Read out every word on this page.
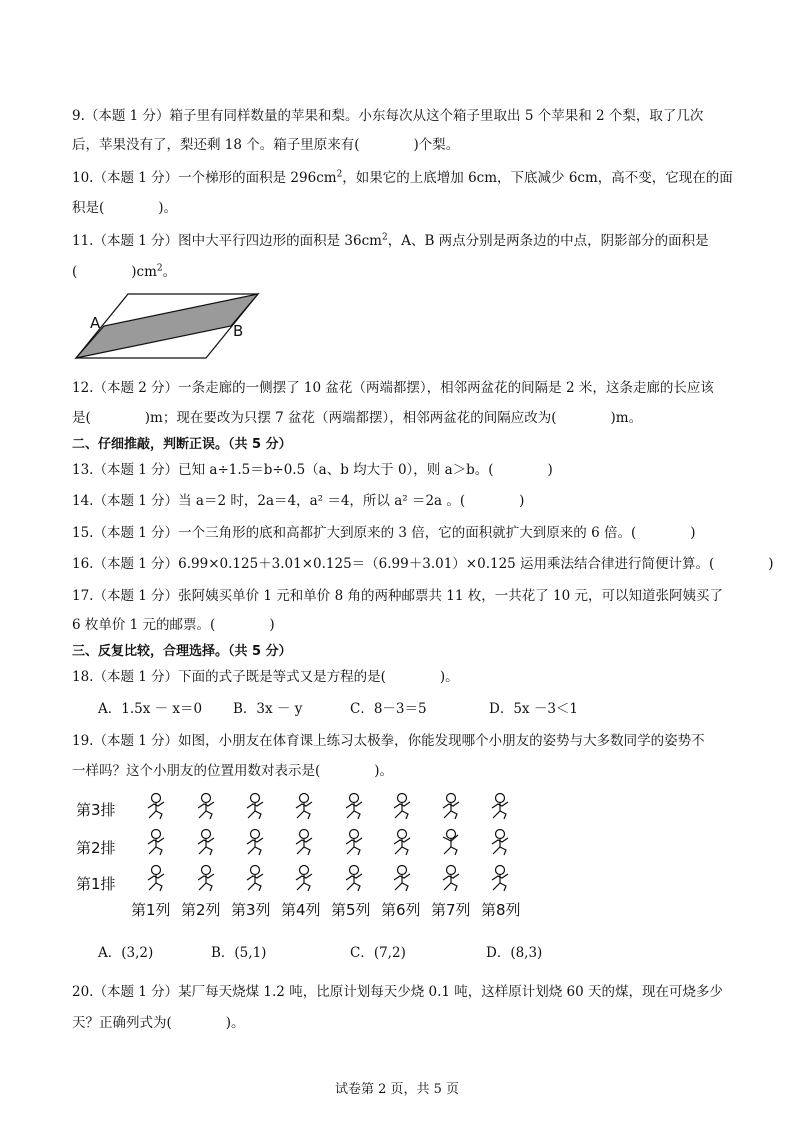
9.（本题 1 分）箱子里有同样数量的苹果和梨。小东每次从这个箱子里取出 5 个苹果和 2 个梨，取了几次
后，苹果没有了，梨还剩 18 个。箱子里原来有(　　　　)个梨。
10.（本题 1 分）一个梯形的面积是 $296cm^2$，如果它的上底增加 6cm，下底减少 6cm，高不变，它现在的面
积是(　　　　)。
11.（本题 1 分）图中大平行四边形的面积是 $36cm^2$，A、B 两点分别是两条边的中点，阴影部分的面积是
(　　　　)$cm^2$。
A	B
12.（本题 2 分）一条走廊的一侧摆了 10 盆花（两端都摆），相邻两盆花的间隔是 2 米，这条走廊的长应该
是(　　　　)m；现在要改为只摆 7 盆花（两端都摆），相邻两盆花的间隔应改为(　　　　)m。
二、仔细推敲，判断正误。（共 5 分）
13.（本题 1 分）已知 a÷1.5＝b÷0.5（a、b 均大于 0），则 a＞b。(　　　　)
14.（本题 1 分）当 a＝2 时，2a＝4，a² ＝4，所以 a² ＝2a 。(　　　　)
15.（本题 1 分）一个三角形的底和高都扩大到原来的 3 倍，它的面积就扩大到原来的 6 倍。(　　　　)
16.（本题 1 分）6.99×0.125＋3.01×0.125＝（6.99＋3.01）×0.125 运用乘法结合律进行简便计算。(　　　　)
17.（本题 1 分）张阿姨买单价 1 元和单价 8 角的两种邮票共 11 枚，一共花了 10 元，可以知道张阿姨买了
6 枚单价 1 元的邮票。(　　　　)
三、反复比较，合理选择。（共 5 分）
18.（本题 1 分）下面的式子既是等式又是方程的是(　　　　)。
A．1.5x － x＝0 B．3x － y	C．8－3＝5	D．5x －3＜1
19.（本题 1 分）如图，小朋友在体育课上练习太极拳，你能发现哪个小朋友的姿势与大多数同学的姿势不
一样吗？这个小朋友的位置用数对表示是(　　　　)。
第3排
第2排
第1排
第1列 第2列 第3列 第4列 第5列 第6列 第7列 第8列
A．(3,2)	B．(5,1)	C．(7,2)	D．(8,3)
20.（本题 1 分）某厂每天烧煤 1.2 吨，比原计划每天少烧 0.1 吨，这样原计划烧 60 天的煤，现在可烧多少
天？正确列式为(　　　　)。
试卷第 2 页，共 5 页
